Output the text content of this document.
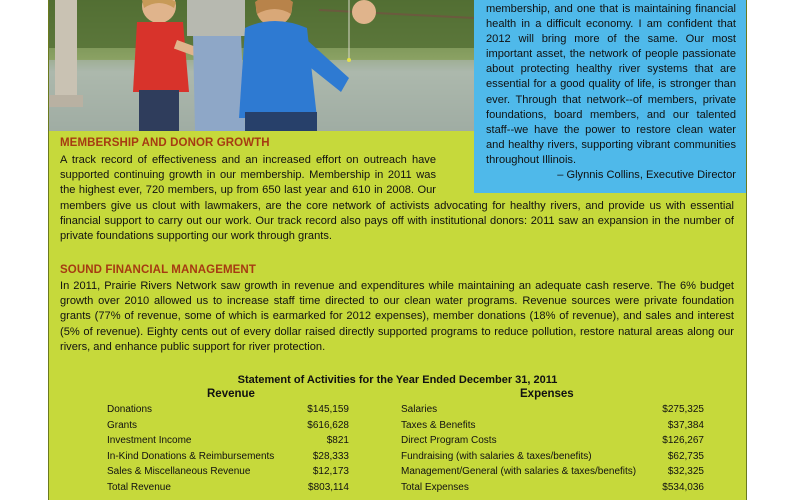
membership, and one that is maintaining financial health in a difficult economy. I am confident that 2012 will bring more of the same. Our most important asset, the network of people passionate about protecting healthy river systems that are essential for a good quality of life, is stronger than ever. Through that network--of members, private foundations, board members, and our talented staff--we have the power to restore clean water and healthy rivers, supporting vibrant communities throughout Illinois.
– Glynnis Collins, Executive Director
MEMBERSHIP AND DONOR GROWTH
A track record of effectiveness and an increased effort on outreach have supported continuing growth in our membership. Membership in 2011 was the highest ever, 720 members, up from 650 last year and 610 in 2008. Our members give us clout with lawmakers, are the core network of activists advocating for healthy rivers, and provide us with essential financial support to carry out our work. Our track record also pays off with institutional donors: 2011 saw an expansion in the number of private foundations supporting our work through grants.
SOUND FINANCIAL MANAGEMENT
In 2011, Prairie Rivers Network saw growth in revenue and expenditures while maintaining an adequate cash reserve. The 6% budget growth over 2010 allowed us to increase staff time directed to our clean water programs. Revenue sources were private foundation grants (77% of revenue, some of which is earmarked for 2012 expenses), member donations (18% of revenue), and sales and interest (5% of revenue). Eighty cents out of every dollar raised directly supported programs to reduce pollution, restore natural areas along our rivers, and enhance public support for river protection.
Statement of Activities for the Year Ended December 31, 2011
Revenue	Expenses
Donations	$145,159
Grants	$616,628
Investment Income	$821
In-Kind Donations & Reimbursements	$28,333
Sales & Miscellaneous Revenue	$12,173
Total Revenue	$803,114
Salaries	$275,325
Taxes & Benefits	$37,384
Direct Program Costs	$126,267
Fundraising (with salaries & taxes/benefits)	$62,735
Management/General (with salaries & taxes/benefits)	$32,325
Total Expenses	$534,036
